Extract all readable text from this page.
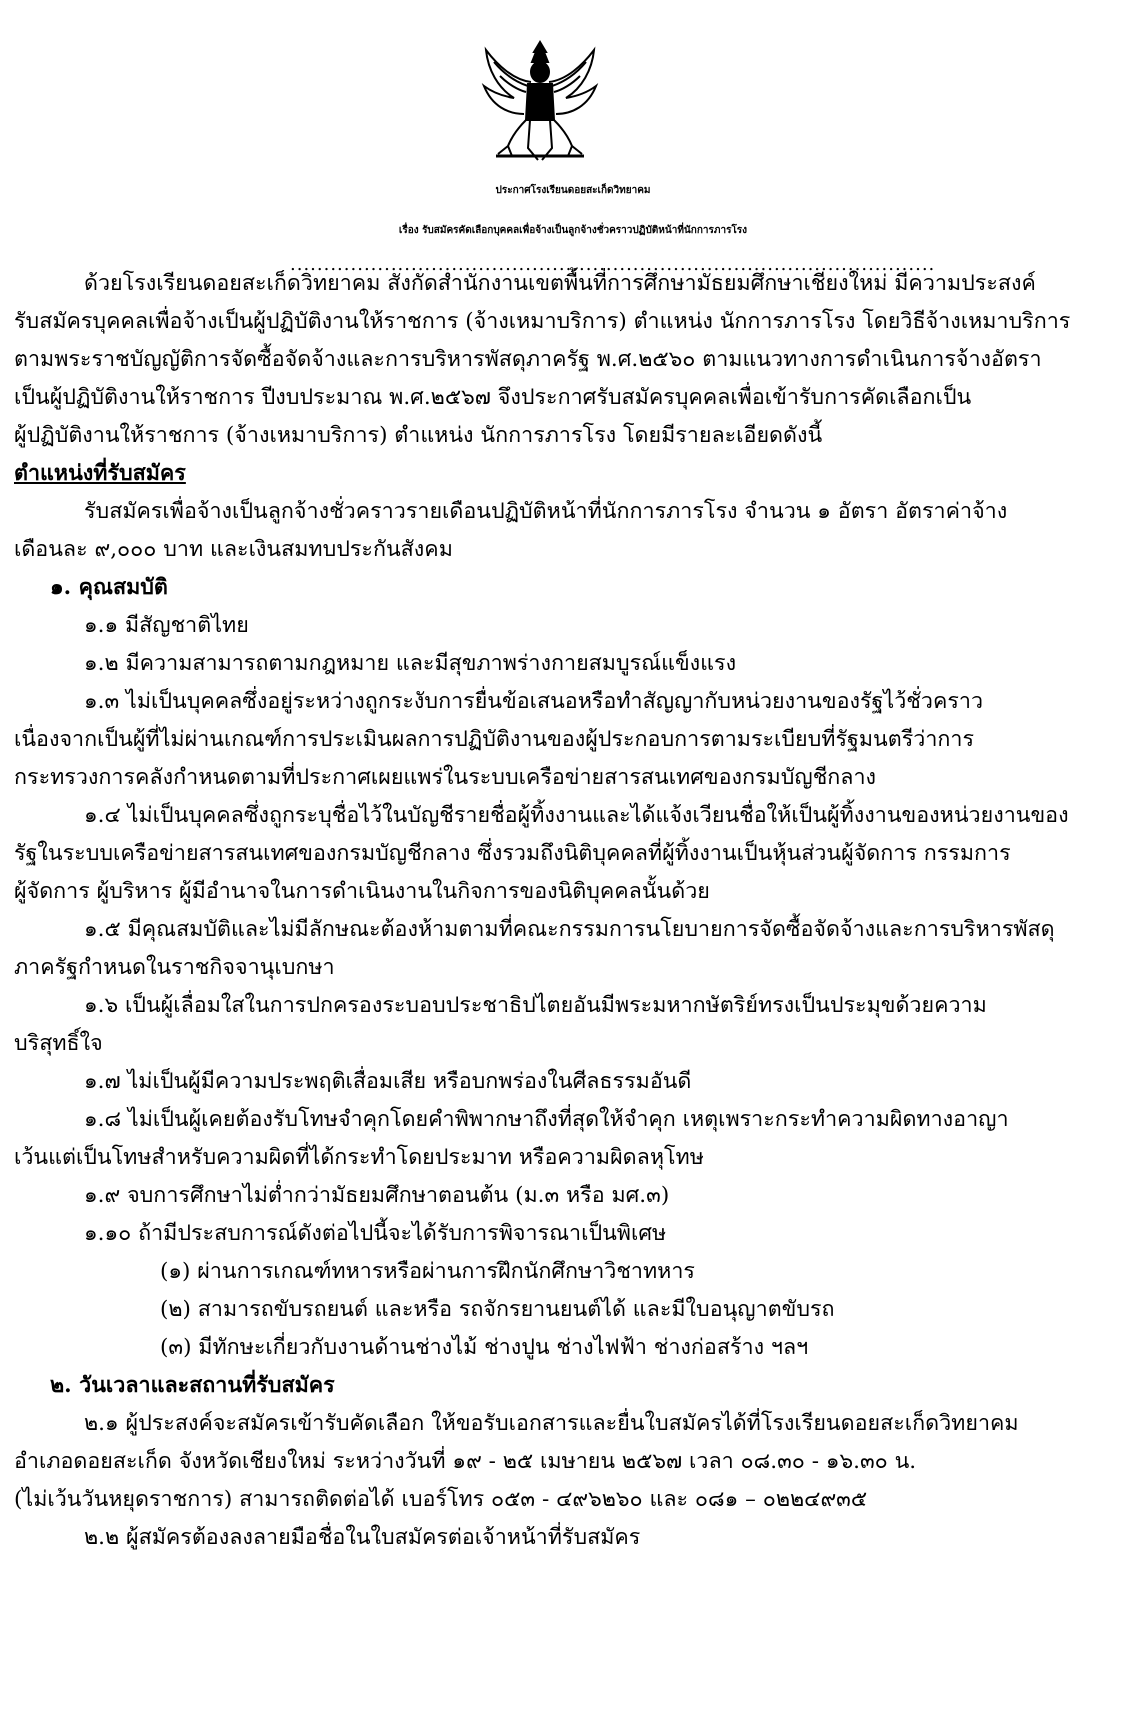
ประกาศโรงเรียนดอยสะเก็ดวิทยาคม
เรื่อง รับสมัครคัดเลือกบุคคลเพื่อจ้างเป็นลูกจ้างชั่วคราวปฏิบัติหน้าที่นักการภารโรง
................................................................................................
ด้วยโรงเรียนดอยสะเก็ดวิทยาคม สังกัดสำนักงานเขตพื้นที่การศึกษามัธยมศึกษาเชียงใหม่ มีความประสงค์
รับสมัครบุคคลเพื่อจ้างเป็นผู้ปฏิบัติงานให้ราชการ (จ้างเหมาบริการ) ตำแหน่ง นักการภารโรง โดยวิธีจ้างเหมาบริการ
ตามพระราชบัญญัติการจัดซื้อจัดจ้างและการบริหารพัสดุภาครัฐ พ.ศ.๒๕๖๐ ตามแนวทางการดำเนินการจ้างอัตรา
เป็นผู้ปฏิบัติงานให้ราชการ ปีงบประมาณ พ.ศ.๒๕๖๗ จึงประกาศรับสมัครบุคคลเพื่อเข้ารับการคัดเลือกเป็น
ผู้ปฏิบัติงานให้ราชการ (จ้างเหมาบริการ) ตำแหน่ง นักการภารโรง โดยมีรายละเอียดดังนี้
ตำแหน่งที่รับสมัคร
รับสมัครเพื่อจ้างเป็นลูกจ้างชั่วคราวรายเดือนปฏิบัติหน้าที่นักการภารโรง จำนวน ๑ อัตรา อัตราค่าจ้าง
เดือนละ ๙,๐๐๐ บาท และเงินสมทบประกันสังคม
๑. คุณสมบัติ
๑.๑ มีสัญชาติไทย
๑.๒ มีความสามารถตามกฎหมาย และมีสุขภาพร่างกายสมบูรณ์แข็งแรง
๑.๓ ไม่เป็นบุคคลซึ่งอยู่ระหว่างถูกระงับการยื่นข้อเสนอหรือทำสัญญากับหน่วยงานของรัฐไว้ชั่วคราว
เนื่องจากเป็นผู้ที่ไม่ผ่านเกณฑ์การประเมินผลการปฏิบัติงานของผู้ประกอบการตามระเบียบที่รัฐมนตรีว่าการ
กระทรวงการคลังกำหนดตามที่ประกาศเผยแพร่ในระบบเครือข่ายสารสนเทศของกรมบัญชีกลาง
๑.๔ ไม่เป็นบุคคลซึ่งถูกระบุชื่อไว้ในบัญชีรายชื่อผู้ทิ้งงานและได้แจ้งเวียนชื่อให้เป็นผู้ทิ้งงานของหน่วยงานของ
รัฐในระบบเครือข่ายสารสนเทศของกรมบัญชีกลาง ซึ่งรวมถึงนิติบุคคลที่ผู้ทิ้งงานเป็นหุ้นส่วนผู้จัดการ กรรมการ
ผู้จัดการ ผู้บริหาร ผู้มีอำนาจในการดำเนินงานในกิจการของนิติบุคคลนั้นด้วย
๑.๕ มีคุณสมบัติและไม่มีลักษณะต้องห้ามตามที่คณะกรรมการนโยบายการจัดซื้อจัดจ้างและการบริหารพัสดุ
ภาครัฐกำหนดในราชกิจจานุเบกษา
๑.๖ เป็นผู้เลื่อมใสในการปกครองระบอบประชาธิปไตยอันมีพระมหากษัตริย์ทรงเป็นประมุขด้วยความ
บริสุทธิ์ใจ
๑.๗ ไม่เป็นผู้มีความประพฤติเสื่อมเสีย หรือบกพร่องในศีลธรรมอันดี
๑.๘ ไม่เป็นผู้เคยต้องรับโทษจำคุกโดยคำพิพากษาถึงที่สุดให้จำคุก เหตุเพราะกระทำความผิดทางอาญา
เว้นแต่เป็นโทษสำหรับความผิดที่ได้กระทำโดยประมาท หรือความผิดลหุโทษ
๑.๙ จบการศึกษาไม่ต่ำกว่ามัธยมศึกษาตอนต้น (ม.๓ หรือ มศ.๓)
๑.๑๐ ถ้ามีประสบการณ์ดังต่อไปนี้จะได้รับการพิจารณาเป็นพิเศษ
(๑) ผ่านการเกณฑ์ทหารหรือผ่านการฝึกนักศึกษาวิชาทหาร
(๒) สามารถขับรถยนต์ และหรือ รถจักรยานยนต์ได้ และมีใบอนุญาตขับรถ
(๓) มีทักษะเกี่ยวกับงานด้านช่างไม้ ช่างปูน ช่างไฟฟ้า ช่างก่อสร้าง ฯลฯ
๒. วันเวลาและสถานที่รับสมัคร
๒.๑ ผู้ประสงค์จะสมัครเข้ารับคัดเลือก ให้ขอรับเอกสารและยื่นใบสมัครได้ที่โรงเรียนดอยสะเก็ดวิทยาคม
อำเภอดอยสะเก็ด จังหวัดเชียงใหม่ ระหว่างวันที่ ๑๙ - ๒๕ เมษายน ๒๕๖๗ เวลา ๐๘.๓๐ - ๑๖.๓๐ น.
(ไม่เว้นวันหยุดราชการ) สามารถติดต่อได้ เบอร์โทร ๐๕๓ - ๔๙๖๒๖๐ และ ๐๘๑ – ๐๒๒๔๙๓๕
๒.๒ ผู้สมัครต้องลงลายมือชื่อในใบสมัครต่อเจ้าหน้าที่รับสมัคร
